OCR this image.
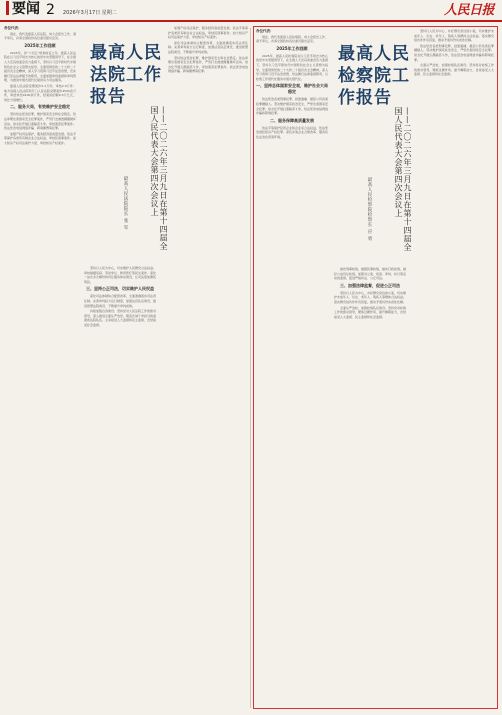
要闻 2 2026年3月17日 星期二	人民日报

各位代表：

现在，我代表最高人民法院，向大会报告工作，请予审议，并请全国政协各位委员提出意见。

2025年工作回顾

2025年，是“十四五”规划收官之年。最高人民法院在以习近平同志为核心的党中央坚强领导下，在全国人大及其常委会有力监督下，坚持以习近平新时代中国特色社会主义思想为指导，全面贯彻党的二十大和二十届历次全会精神，深入学习贯彻习近平法治思想，忠实履行宪法法律赋予的职责，全面加强审判监督和审判管理，为推进中国式现代化提供有力司法服务。

最高人民法院受理案件3.1万件，审结2.9万件；地方各级人民法院和专门人民法院受理案件4500余万件，审结执结4100余万件，结案标的额9.3万亿元，同比分别增长。

二、服务大局，有效维护安全稳定

坚持依法惩治犯罪，维护国家安全和社会稳定。依法审理危害国家安全犯罪案件，严厉打击渗透颠覆破坏活动。常态化开展扫黑除恶斗争，审结黑恶犯罪案件。依法惩治电信网络诈骗、跨境赌博等犯罪。

加强产权司法保护，服务经济高质量发展。依法平等保护各类所有制企业合法权益，审结民商事案件。加大知识产权司法保护力度，审结知识产权案件。

最高人民
法院工作
报告
——二〇二六年三月九日在第十四届全国人民代表大会第四次会议上
最高人民法院院长 张 军

坚持以人民为中心，切实维护人民群众合法权益。审结婚姻家庭、劳动争议、教育医疗等民生案件。深化一站式多元解纷和诉讼服务体系建设，让司法更加便民利民。

三、坚持公正司法，切实维护人民权益

深化司法体制综合配套改革，全面准确落实司法责任制。完善审判权力运行制度，加强法官队伍建设，推进智慧法院建设，不断提升审判质效。

持续加强自身建设。坚持党对人民法院工作的绝对领导，深入推进全面从严治党，锻造忠诚干净担当的高素质法院队伍。主动接受人大监督和民主监督，自觉接受社会监督。

加强产权司法保护，服务经济高质量发展。依法平等保护各类所有制企业合法权益，审结民商事案件。加大知识产权司法保护力度，审结知识产权案件。

深化司法体制综合配套改革，全面准确落实司法责任制。完善审判权力运行制度，加强法官队伍建设，推进智慧法院建设，不断提升审判质效。

坚持依法惩治犯罪，维护国家安全和社会稳定。依法审理危害国家安全犯罪案件，严厉打击渗透颠覆破坏活动。常态化开展扫黑除恶斗争，审结黑恶犯罪案件。依法惩治电信网络诈骗、跨境赌博等犯罪。

各位代表：

现在，我代表最高人民检察院，向大会报告工作，请予审议，并请全国政协各位委员提出意见。

2025年工作回顾

2025年，最高人民检察院在以习近平同志为核心的党中央坚强领导下，在全国人大及其常委会有力监督下，坚持以习近平新时代中国特色社会主义思想为指导，全面贯彻党的二十大和二十届历次全会精神，深入学习贯彻习近平法治思想，依法履行法律监督职责，以检察工作现代化服务中国式现代化。

一、坚持总体国家安全观，维护社会大局稳定

依法惩治各类刑事犯罪，批准逮捕、提起公诉各类犯罪嫌疑人。坚决维护国家政治安全，严惩危害国家安全犯罪。常态化开展扫黑除恶斗争，依法惩治电信网络诈骗和跨境犯罪。

二、服务保障高质量发展

依法平等保护民营企业和企业家合法权益，依法惩治侵犯知识产权犯罪。深化涉案企业合规改革，服务优化法治化营商环境。

最高人民
检察院工
作报告
——二〇二六年三月九日在第十四届全国人民代表大会第四次会议上
最高人民检察院检察长 应 勇

做优刑事检察，做强民事检察，做实行政检察，做好公益诉讼检察。加强对立案、侦查、审判、执行等活动的监督，促进严格执法、公正司法。

三、加强法律监督，促进公正司法

坚持以人民为中心，办好群众身边的小案，切实维护未成年人、妇女、老年人、残疾人等群体合法权益。落实群众信访件件有回复，推动矛盾纠纷实质性化解。

全面从严治检，加强检察队伍建设。坚持党对检察工作的绝对领导，锤炼过硬作风，提升履职能力，自觉接受人大监督、民主监督和社会监督。

坚持以人民为中心，办好群众身边的小案，切实维护未成年人、妇女、老年人、残疾人等群体合法权益。落实群众信访件件有回复，推动矛盾纠纷实质性化解。

依法惩治各类刑事犯罪，批准逮捕、提起公诉各类犯罪嫌疑人。坚决维护国家政治安全，严惩危害国家安全犯罪。常态化开展扫黑除恶斗争，依法惩治电信网络诈骗和跨境犯罪。

全面从严治检，加强检察队伍建设。坚持党对检察工作的绝对领导，锤炼过硬作风，提升履职能力，自觉接受人大监督、民主监督和社会监督。
